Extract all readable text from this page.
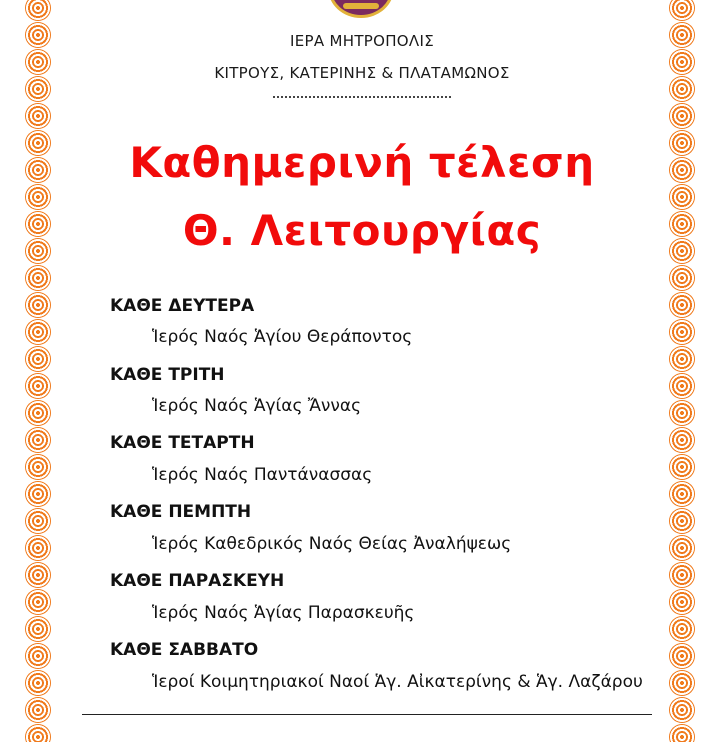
ΙΕΡΑ ΜΗΤΡΟΠΟΛΙΣ
ΚΙΤΡΟΥΣ, ΚΑΤΕΡΙΝΗΣ & ΠΛΑΤΑΜΩΝΟΣ
Καθημερινή τέλεση
Θ. Λειτουργίας
ΚΑΘΕ ΔΕΥΤΕΡΑ
Ἱερός Ναός Ἁγίου Θεράποντος
ΚΑΘΕ ΤΡΙΤΗ
Ἱερός Ναός Ἁγίας Ἄννας
ΚΑΘΕ ΤΕΤΑΡΤΗ
Ἱερός Ναός Παντάνασσας
ΚΑΘΕ ΠΕΜΠΤΗ
Ἱερός Καθεδρικός Ναός Θείας Ἀναλήψεως
ΚΑΘΕ ΠΑΡΑΣΚΕΥΗ
Ἱερός Ναός Ἁγίας Παρασκευῆς
ΚΑΘΕ ΣΑΒΒΑΤΟ
Ἱεροί Κοιμητηριακοί Ναοί Ἁγ. Αἰκατερίνης & Ἁγ. Λαζάρου
